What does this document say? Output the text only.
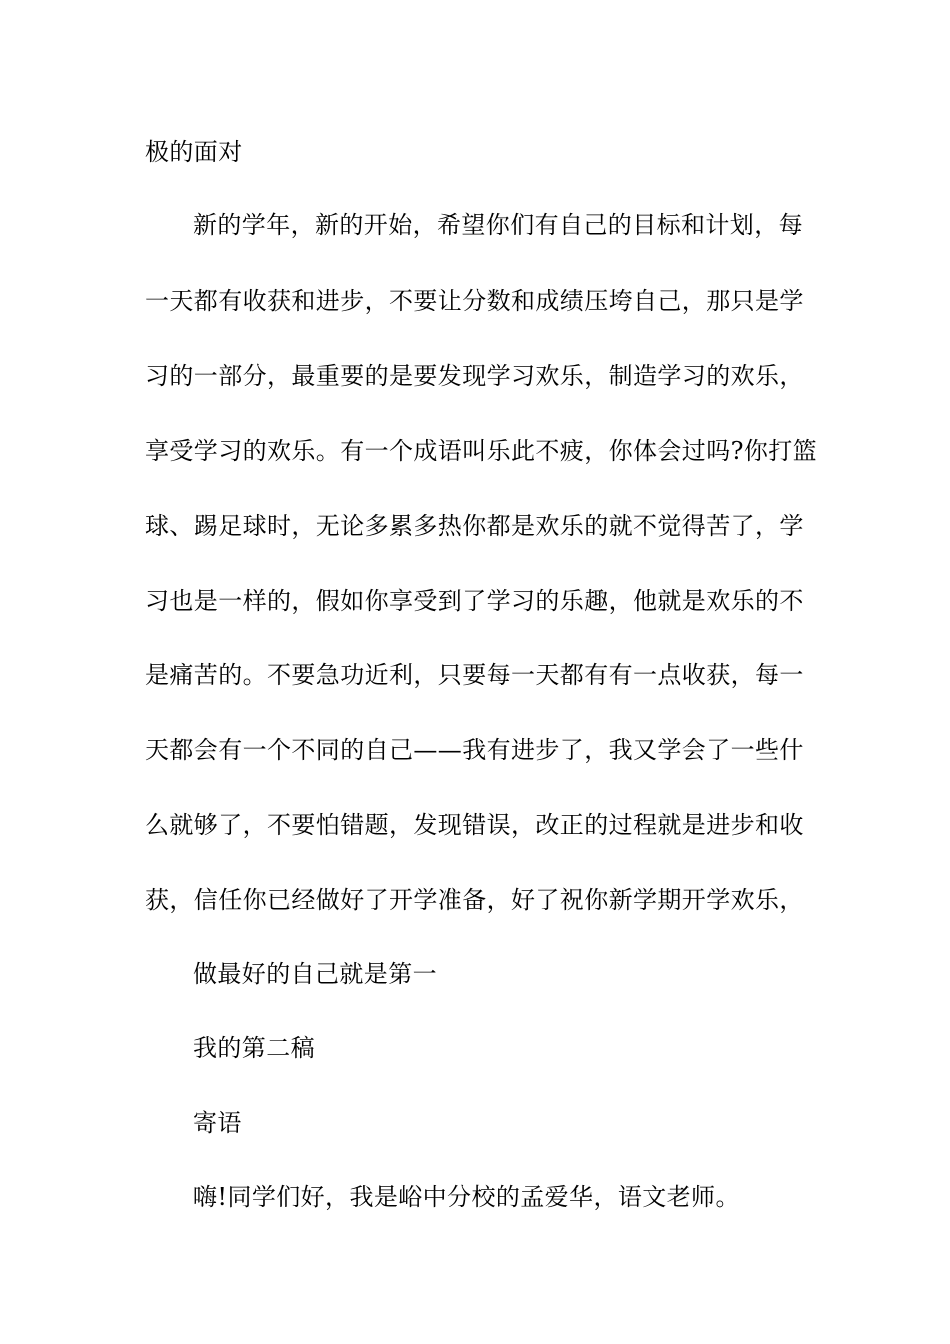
极的面对
新的学年，新的开始，希望你们有自己的目标和计划，每
一天都有收获和进步，不要让分数和成绩压垮自己，那只是学
习的一部分，最重要的是要发现学习欢乐，制造学习的欢乐，
享受学习的欢乐。有一个成语叫乐此不疲，你体会过吗?你打篮
球、踢足球时，无论多累多热你都是欢乐的就不觉得苦了，学
习也是一样的，假如你享受到了学习的乐趣，他就是欢乐的不
是痛苦的。不要急功近利，只要每一天都有有一点收获，每一
天都会有一个不同的自己——我有进步了，我又学会了一些什
么就够了，不要怕错题，发现错误，改正的过程就是进步和收
获，信任你已经做好了开学准备，好了祝你新学期开学欢乐，
做最好的自己就是第一
我的第二稿
寄语
嗨!同学们好，我是峪中分校的孟爱华，语文老师。
